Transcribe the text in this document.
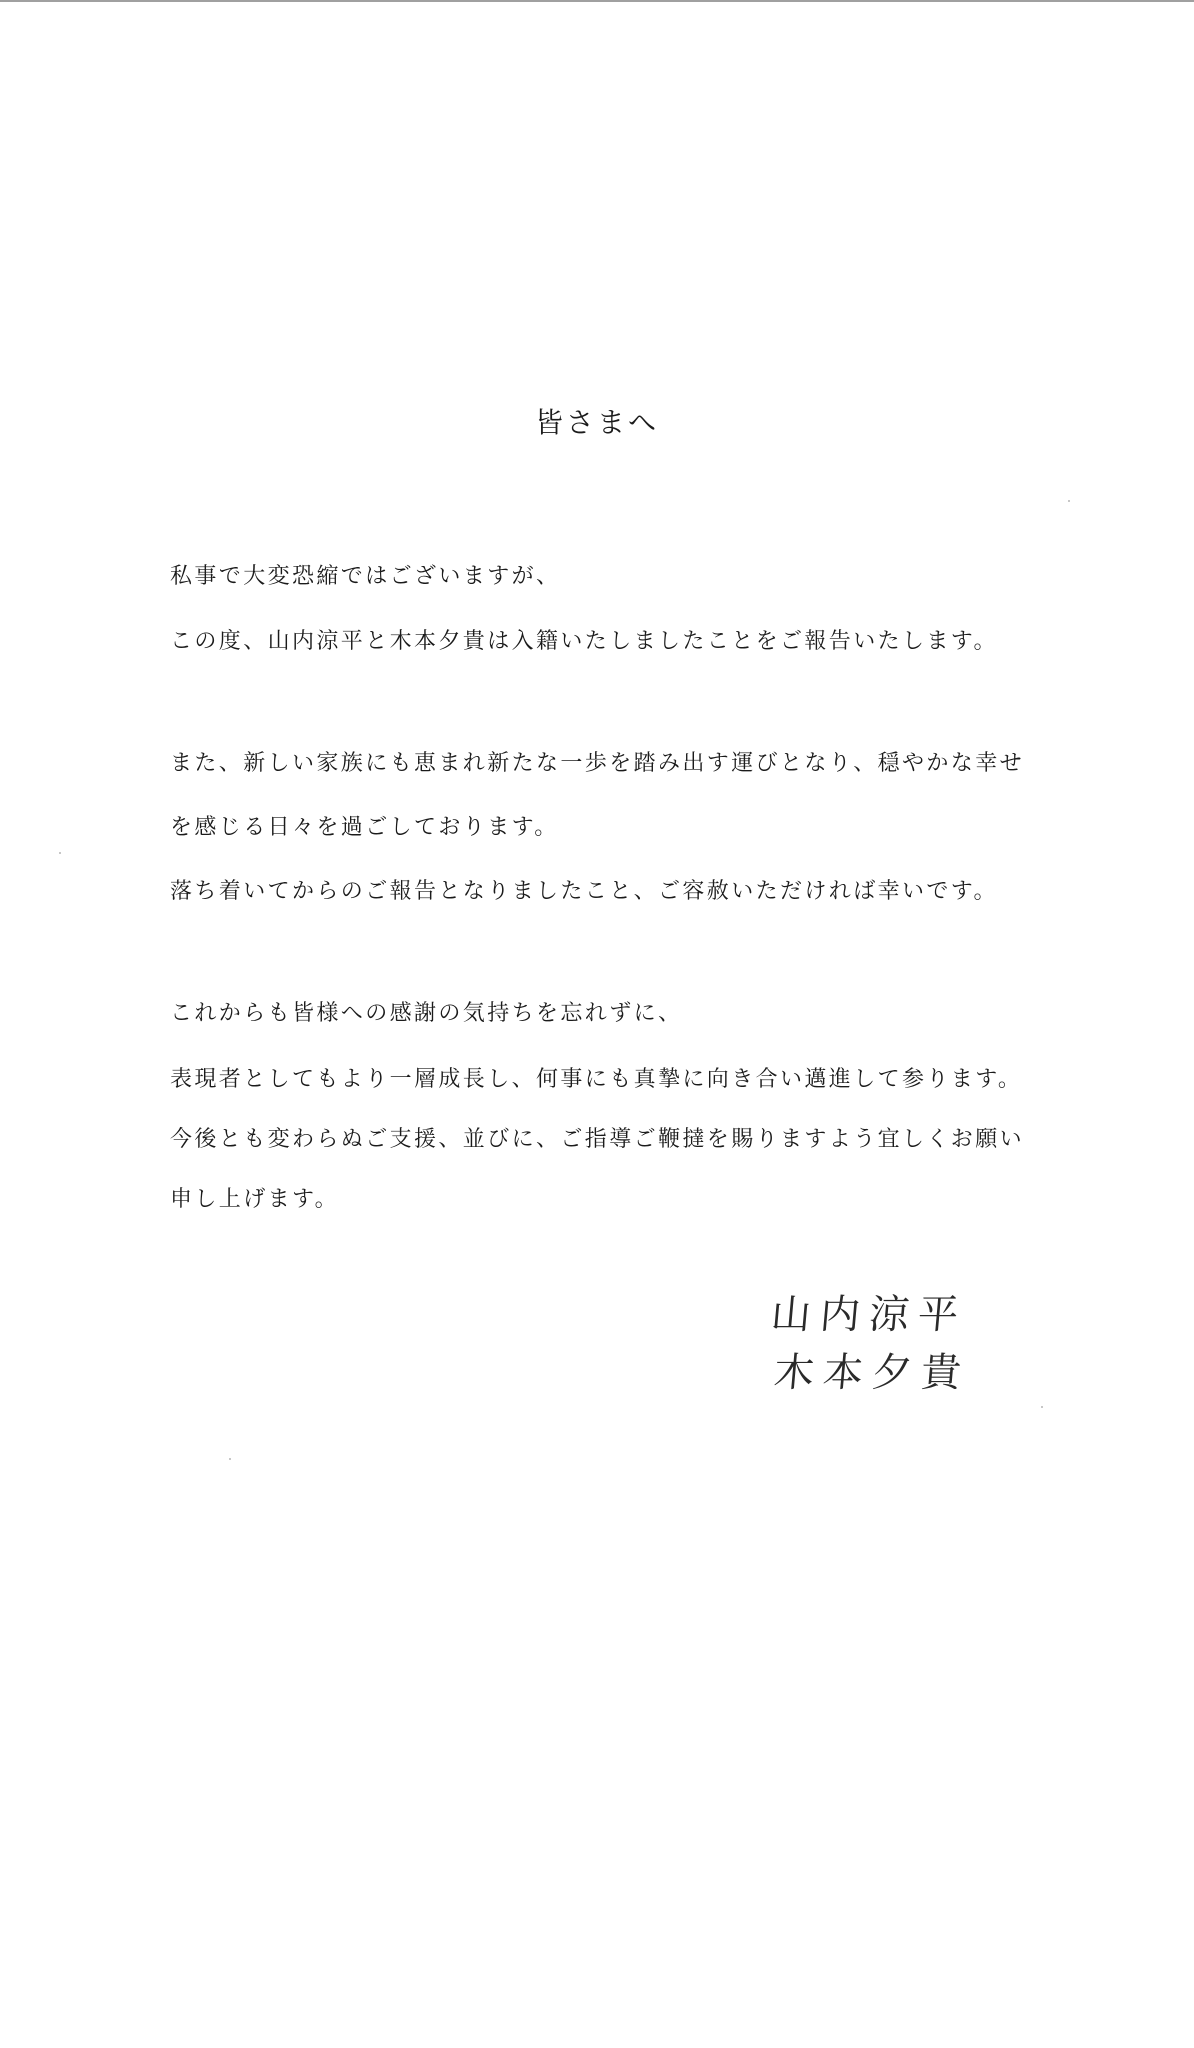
皆さまへ
私事で大変恐縮ではございますが、
この度、山内涼平と木本夕貴は入籍いたしましたことをご報告いたします。
また、新しい家族にも恵まれ新たな一歩を踏み出す運びとなり、穏やかな幸せ
を感じる日々を過ごしております。
落ち着いてからのご報告となりましたこと、ご容赦いただければ幸いです。
これからも皆様への感謝の気持ちを忘れずに、
表現者としてもより一層成長し、何事にも真摯に向き合い邁進して参ります。
今後とも変わらぬご支援、並びに、ご指導ご鞭撻を賜りますよう宜しくお願い
申し上げます。
山内涼平
木本夕貴
